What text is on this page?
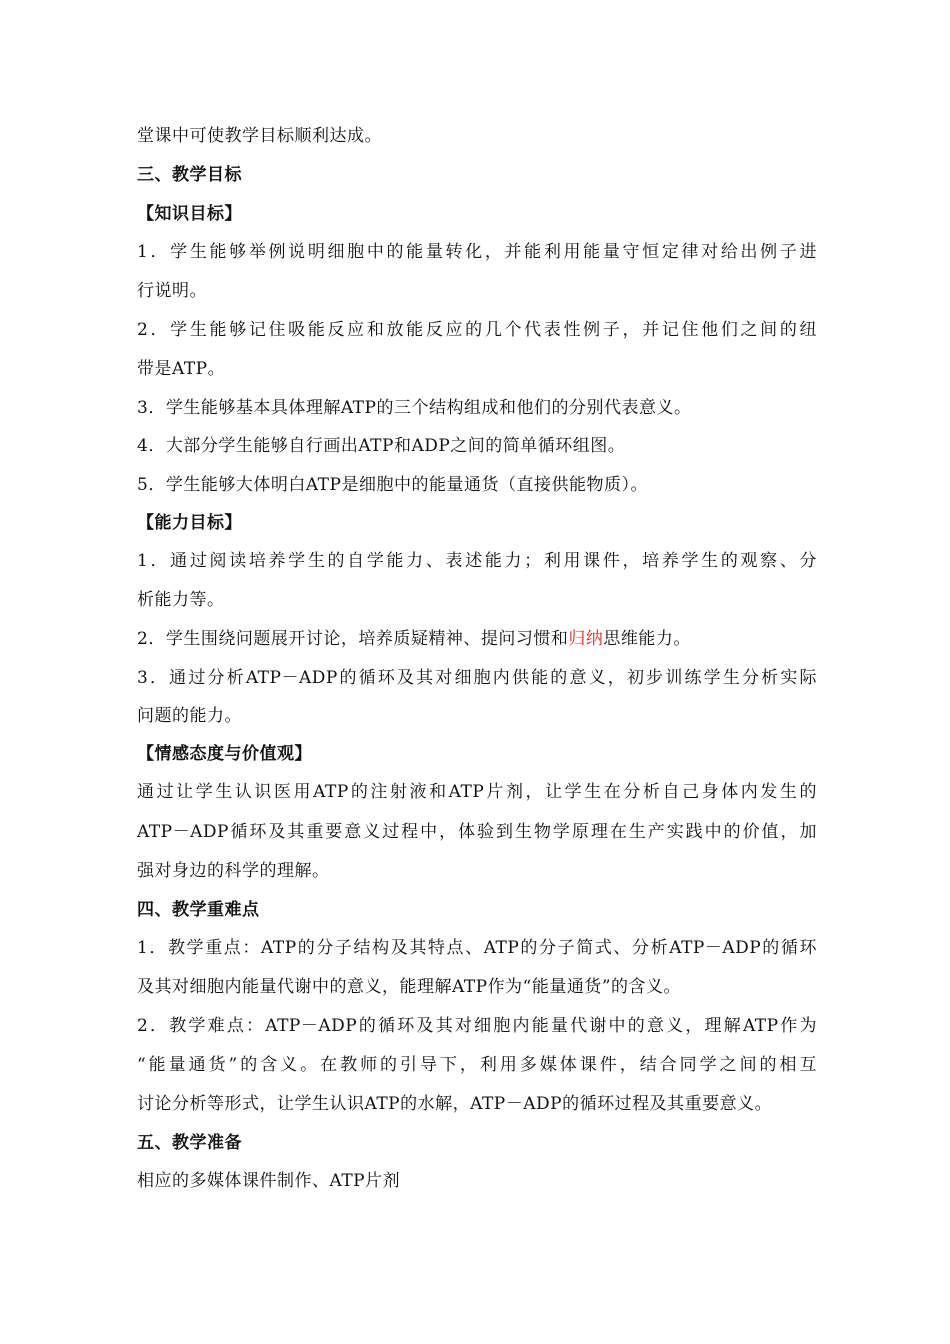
堂课中可使教学目标顺利达成。
三、教学目标
【知识目标】
1．学生能够举例说明细胞中的能量转化，并能利用能量守恒定律对给出例子进
行说明。
2．学生能够记住吸能反应和放能反应的几个代表性例子，并记住他们之间的纽
带是ATP。
3．学生能够基本具体理解ATP的三个结构组成和他们的分别代表意义。
4．大部分学生能够自行画出ATP和ADP之间的简单循环组图。
5．学生能够大体明白ATP是细胞中的能量通货（直接供能物质）。
【能力目标】
1．通过阅读培养学生的自学能力、表述能力；利用课件，培养学生的观察、分
析能力等。
2．学生围绕问题展开讨论，培养质疑精神、提问习惯和归纳思维能力。
3．通过分析ATP－ADP的循环及其对细胞内供能的意义，初步训练学生分析实际
问题的能力。
【情感态度与价值观】
通过让学生认识医用ATP的注射液和ATP片剂，让学生在分析自己身体内发生的
ATP－ADP循环及其重要意义过程中，体验到生物学原理在生产实践中的价值，加
强对身边的科学的理解。
四、教学重难点
1．教学重点：ATP的分子结构及其特点、ATP的分子简式、分析ATP－ADP的循环
及其对细胞内能量代谢中的意义，能理解ATP作为“能量通货”的含义。
2．教学难点：ATP－ADP的循环及其对细胞内能量代谢中的意义，理解ATP作为
“能量通货”的含义。在教师的引导下，利用多媒体课件，结合同学之间的相互
讨论分析等形式，让学生认识ATP的水解，ATP－ADP的循环过程及其重要意义。
五、教学准备
相应的多媒体课件制作、ATP片剂
